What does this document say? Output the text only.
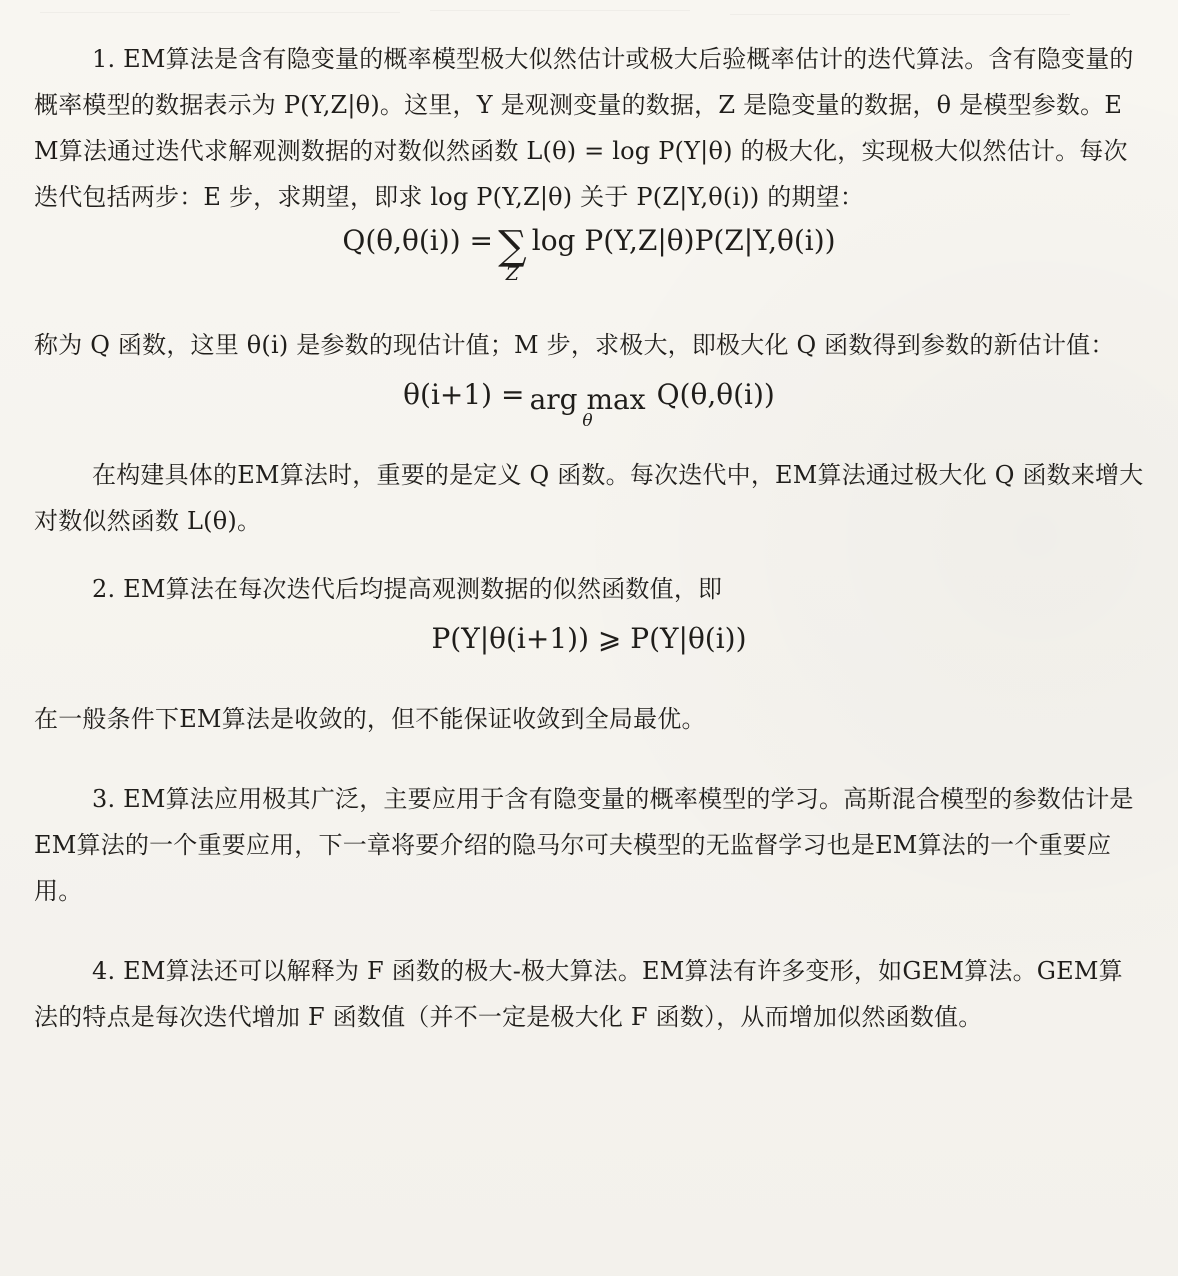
1. EM算法是含有隐变量的概率模型极大似然估计或极大后验概率估计的迭代算法。含有隐变量的概率模型的数据表示为 P(Y,Z|θ)。这里，Y 是观测变量的数据，Z 是隐变量的数据，θ 是模型参数。EM算法通过迭代求解观测数据的对数似然函数 L(θ) = log P(Y|θ) 的极大化，实现极大似然估计。每次迭代包括两步：E 步，求期望，即求 log P(Y,Z|θ) 关于 P(Z|Y,θ(i)) 的期望：

Q(θ,θ(i)) = ∑
Z
log P(Y,Z|θ)P(Z|Y,θ(i))

称为 Q 函数，这里 θ(i) 是参数的现估计值；M 步，求极大，即极大化 Q 函数得到参数的新估计值：

θ(i+1) = arg max
θ
Q(θ,θ(i))

在构建具体的EM算法时，重要的是定义 Q 函数。每次迭代中，EM算法通过极大化 Q 函数来增大对数似然函数 L(θ)。

2. EM算法在每次迭代后均提高观测数据的似然函数值，即

P(Y|θ(i+1)) ⩾ P(Y|θ(i))

在一般条件下EM算法是收敛的，但不能保证收敛到全局最优。

3. EM算法应用极其广泛，主要应用于含有隐变量的概率模型的学习。高斯混合模型的参数估计是EM算法的一个重要应用，下一章将要介绍的隐马尔可夫模型的无监督学习也是EM算法的一个重要应用。

4. EM算法还可以解释为 F 函数的极大-极大算法。EM算法有许多变形，如GEM算法。GEM算法的特点是每次迭代增加 F 函数值（并不一定是极大化 F 函数），从而增加似然函数值。
